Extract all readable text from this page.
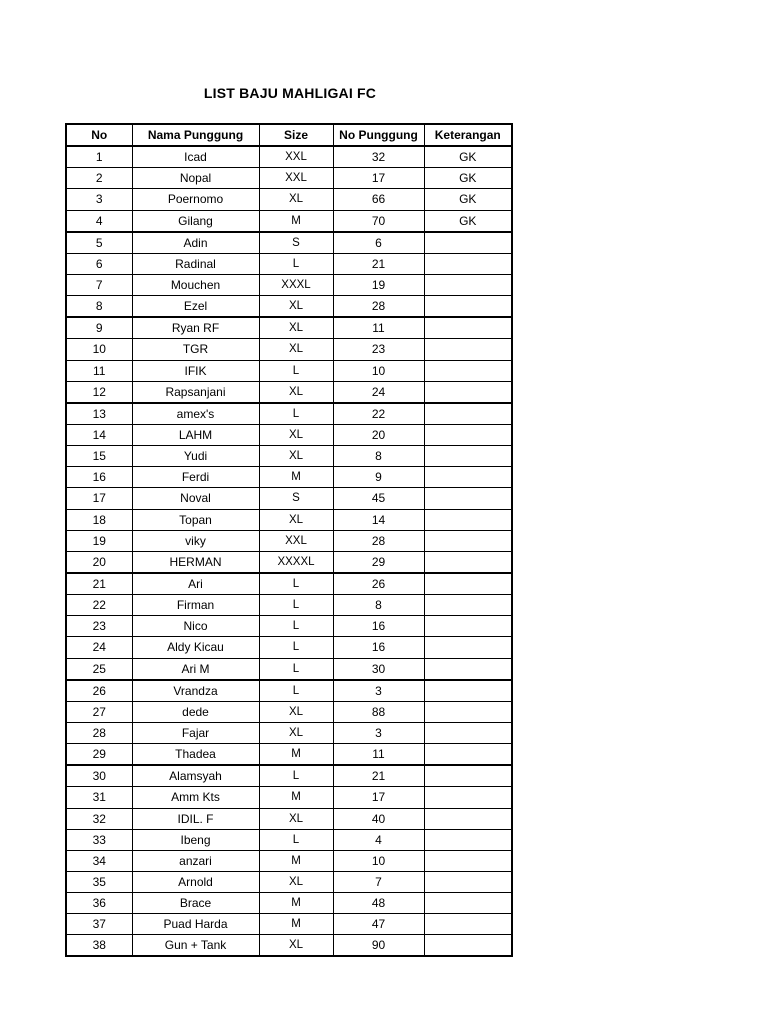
LIST BAJU MAHLIGAI FC
No	Nama Punggung	Size	No Punggung	Keterangan
1	Icad	XXL	32	GK
2	Nopal	XXL	17	GK
3	Poernomo	XL	66	GK
4	Gilang	M	70	GK
5	Adin	S	6	
6	Radinal	L	21	
7	Mouchen	XXXL	19	
8	Ezel	XL	28	
9	Ryan RF	XL	11	
10	TGR	XL	23	
11	IFIK	L	10	
12	Rapsanjani	XL	24	
13	amex's	L	22	
14	LAHM	XL	20	
15	Yudi	XL	8	
16	Ferdi	M	9	
17	Noval	S	45	
18	Topan	XL	14	
19	viky	XXL	28	
20	HERMAN	XXXXL	29	
21	Ari	L	26	
22	Firman	L	8	
23	Nico	L	16	
24	Aldy Kicau	L	16	
25	Ari M	L	30	
26	Vrandza	L	3	
27	dede	XL	88	
28	Fajar	XL	3	
29	Thadea	M	11	
30	Alamsyah	L	21	
31	Amm Kts	M	17	
32	IDIL. F	XL	40	
33	Ibeng	L	4	
34	anzari	M	10	
35	Arnold	XL	7	
36	Brace	M	48	
37	Puad Harda	M	47	
38	Gun + Tank	XL	90	
